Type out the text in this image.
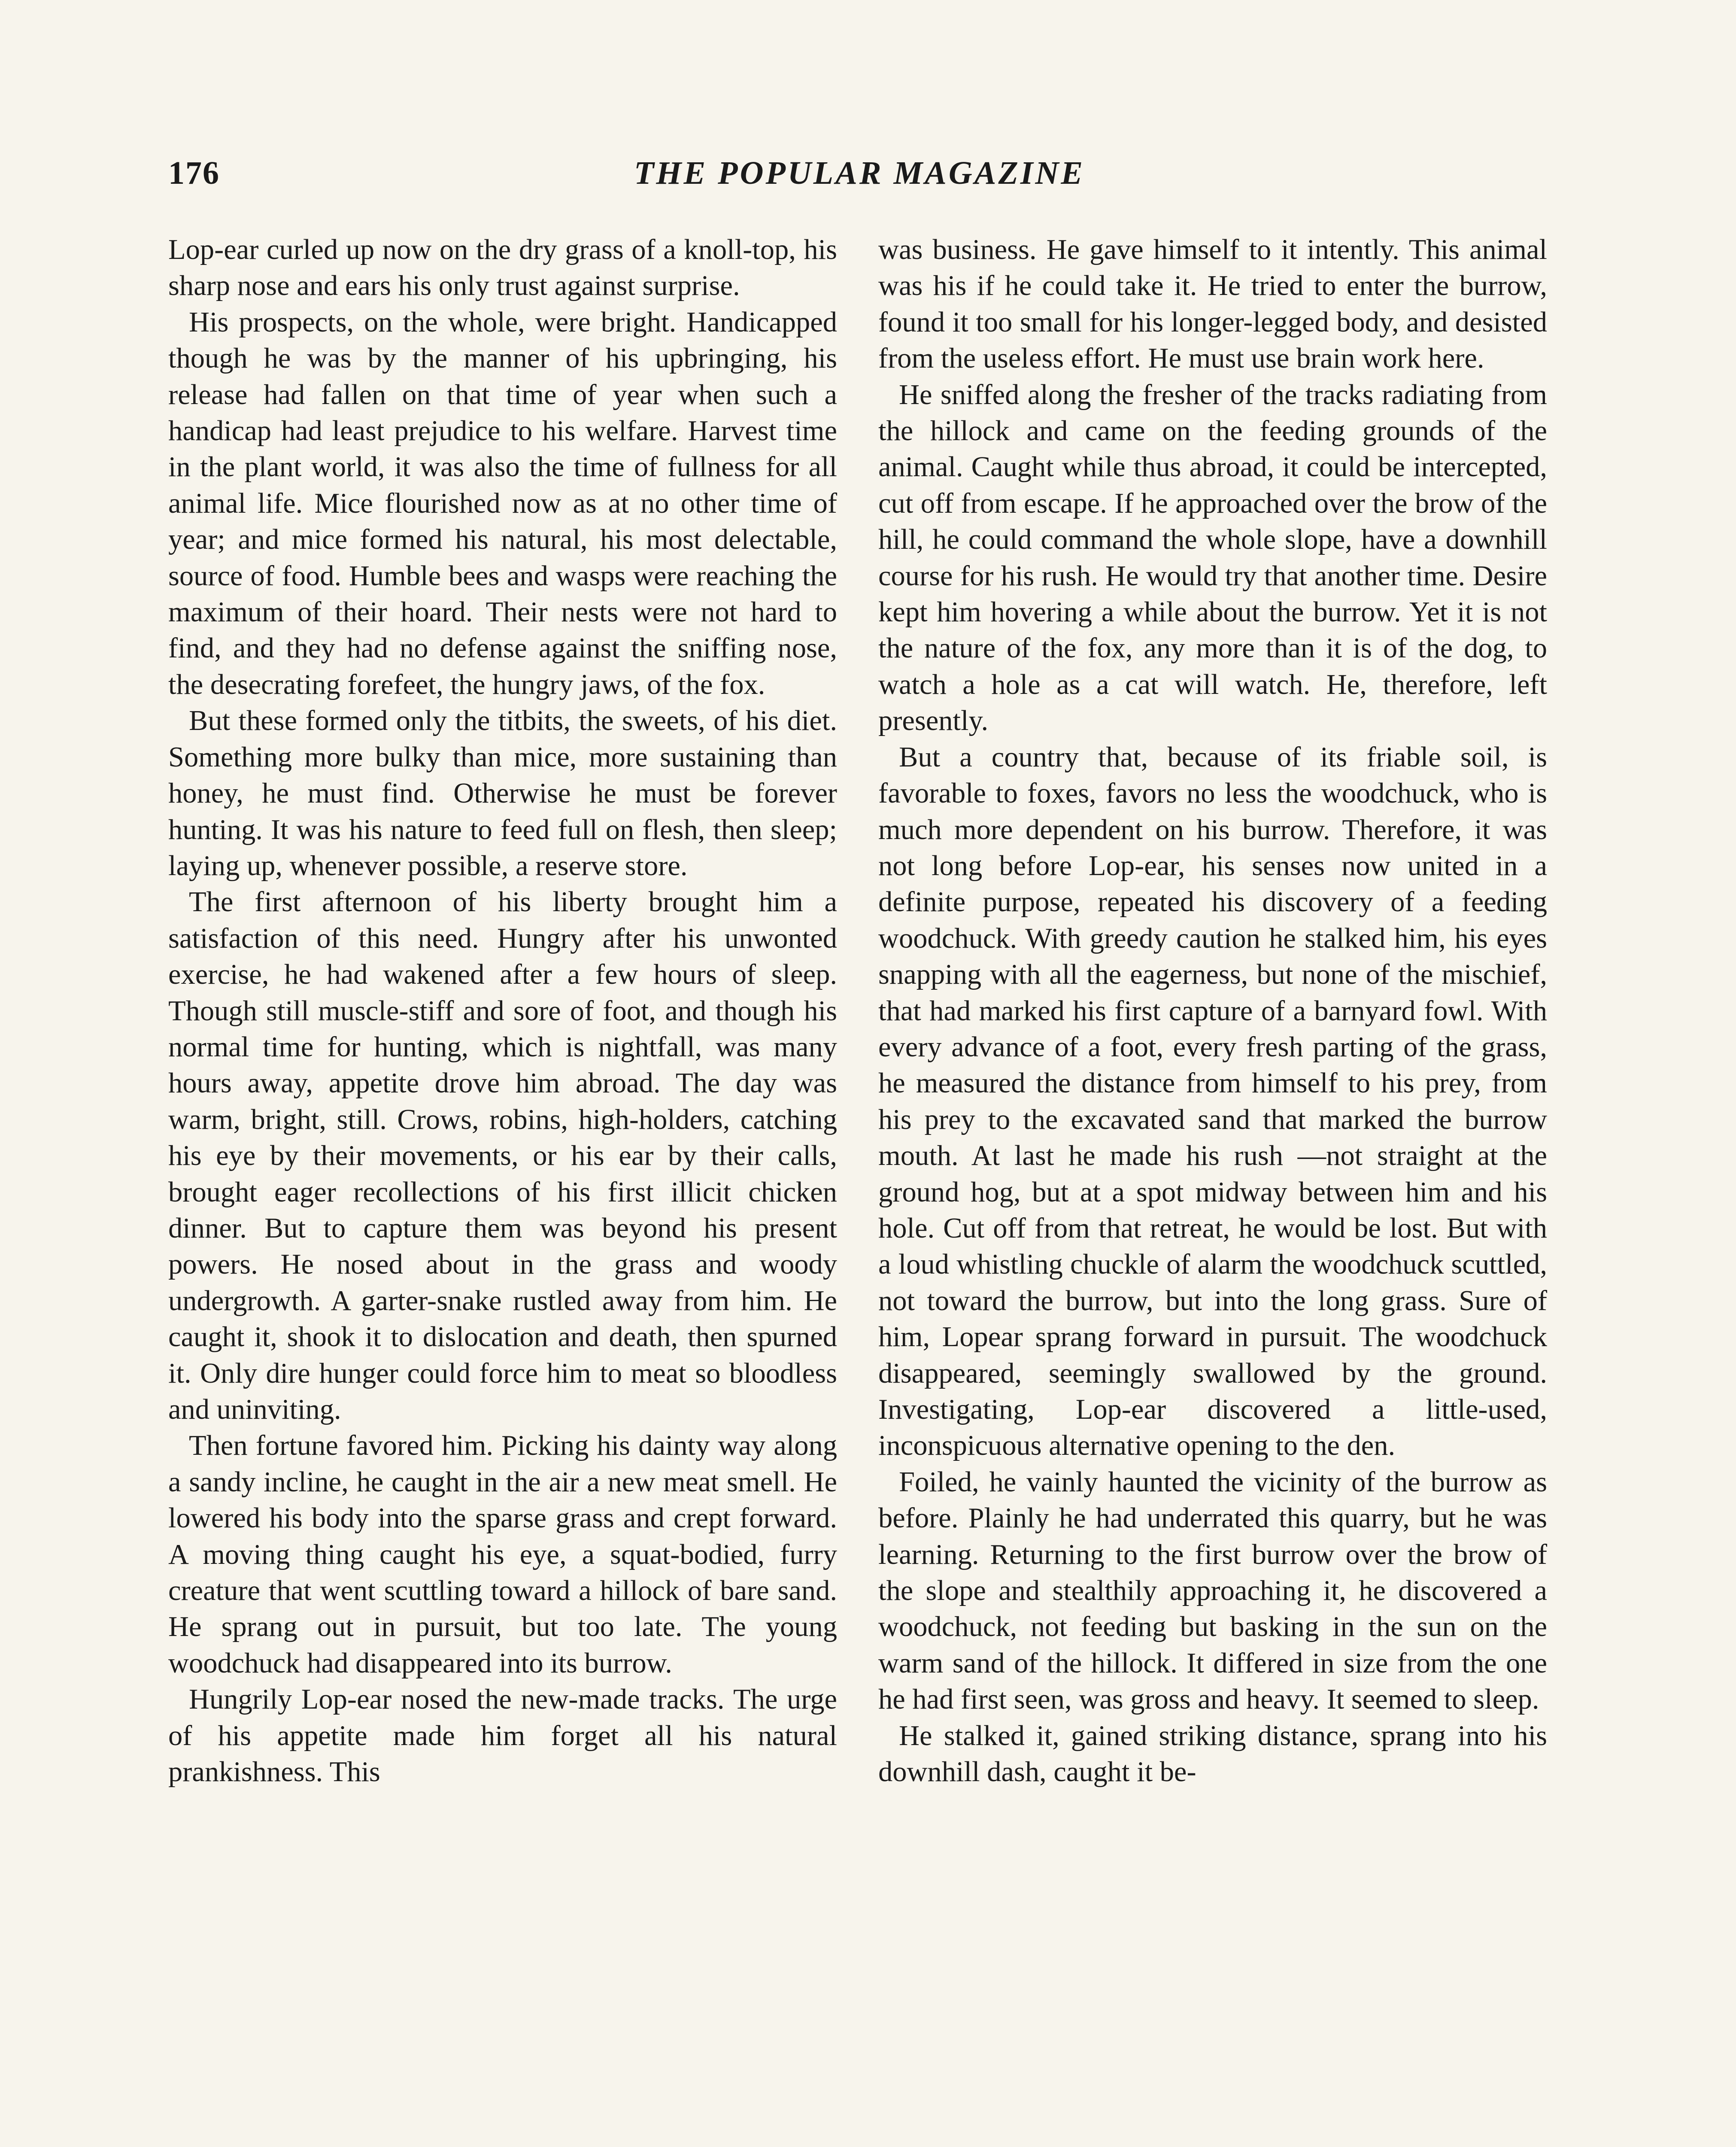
176	THE POPULAR MAGAZINE

Lop-ear curled up now on the dry grass of a knoll-top, his sharp nose and ears his only trust against surprise.

His prospects, on the whole, were bright. Handicapped though he was by the manner of his upbringing, his release had fallen on that time of year when such a handicap had least prejudice to his welfare. Harvest time in the plant world, it was also the time of fullness for all animal life. Mice flourished now as at no other time of year; and mice formed his natural, his most delectable, source of food. Humble bees and wasps were reaching the maximum of their hoard. Their nests were not hard to find, and they had no defense against the sniffing nose, the desecrating forefeet, the hungry jaws, of the fox.

But these formed only the titbits, the sweets, of his diet. Something more bulky than mice, more sustaining than honey, he must find. Otherwise he must be forever hunting. It was his nature to feed full on flesh, then sleep; laying up, whenever possible, a reserve store.

The first afternoon of his liberty brought him a satisfaction of this need. Hungry after his unwonted exercise, he had wakened after a few hours of sleep. Though still muscle-stiff and sore of foot, and though his normal time for hunting, which is nightfall, was many hours away, appetite drove him abroad. The day was warm, bright, still. Crows, robins, high-holders, catching his eye by their movements, or his ear by their calls, brought eager recollections of his first illicit chicken dinner. But to capture them was beyond his present powers. He nosed about in the grass and woody undergrowth. A garter-snake rustled away from him. He caught it, shook it to dislocation and death, then spurned it. Only dire hunger could force him to meat so bloodless and uninviting.

Then fortune favored him. Picking his dainty way along a sandy incline, he caught in the air a new meat smell. He lowered his body into the sparse grass and crept forward. A moving thing caught his eye, a squat-bodied, furry creature that went scuttling toward a hillock of bare sand. He sprang out in pursuit, but too late. The young woodchuck had disappeared into its burrow.

Hungrily Lop-ear nosed the new-made tracks. The urge of his appetite made him forget all his natural prankishness. This

was business. He gave himself to it intently. This animal was his if he could take it. He tried to enter the burrow, found it too small for his longer-legged body, and desisted from the useless effort. He must use brain work here.

He sniffed along the fresher of the tracks radiating from the hillock and came on the feeding grounds of the animal. Caught while thus abroad, it could be intercepted, cut off from escape. If he approached over the brow of the hill, he could command the whole slope, have a downhill course for his rush. He would try that another time. Desire kept him hovering a while about the burrow. Yet it is not the nature of the fox, any more than it is of the dog, to watch a hole as a cat will watch. He, therefore, left presently.

But a country that, because of its friable soil, is favorable to foxes, favors no less the woodchuck, who is much more dependent on his burrow. Therefore, it was not long before Lop-ear, his senses now united in a definite purpose, repeated his discovery of a feeding woodchuck. With greedy caution he stalked him, his eyes snapping with all the eagerness, but none of the mischief, that had marked his first capture of a barnyard fowl. With every advance of a foot, every fresh parting of the grass, he measured the distance from himself to his prey, from his prey to the excavated sand that marked the burrow mouth. At last he made his rush —not straight at the ground hog, but at a spot midway between him and his hole. Cut off from that retreat, he would be lost. But with a loud whistling chuckle of alarm the woodchuck scuttled, not toward the burrow, but into the long grass. Sure of him, Lopear sprang forward in pursuit. The woodchuck disappeared, seemingly swallowed by the ground. Investigating, Lop-ear discovered a little-used, inconspicuous alternative opening to the den.

Foiled, he vainly haunted the vicinity of the burrow as before. Plainly he had underrated this quarry, but he was learning. Returning to the first burrow over the brow of the slope and stealthily approaching it, he discovered a woodchuck, not feeding but basking in the sun on the warm sand of the hillock. It differed in size from the one he had first seen, was gross and heavy. It seemed to sleep.

He stalked it, gained striking distance, sprang into his downhill dash, caught it be-
